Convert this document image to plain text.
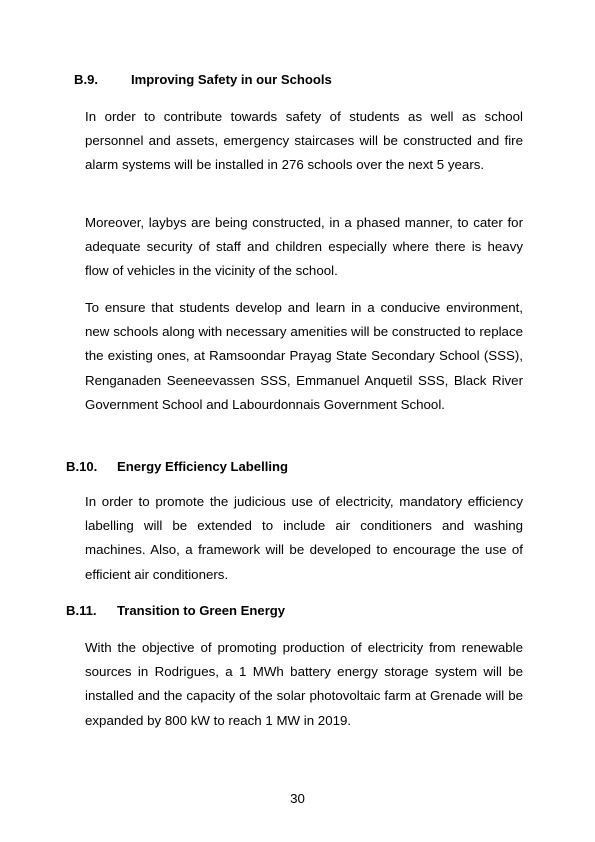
B.9.	Improving Safety in our Schools

In order to contribute towards safety of students as well as school personnel and assets, emergency staircases will be constructed and fire alarm systems will be installed in 276 schools over the next 5 years.

Moreover, laybys are being constructed, in a phased manner, to cater for adequate security of staff and children especially where there is heavy flow of vehicles in the vicinity of the school.

To ensure that students develop and learn in a conducive environment, new schools along with necessary amenities will be constructed to replace the existing ones, at Ramsoondar Prayag State Secondary School (SSS), Renganaden Seeneevassen SSS, Emmanuel Anquetil SSS, Black River Government School and Labourdonnais Government School.

B.10. Energy Efficiency Labelling

In order to promote the judicious use of electricity, mandatory efficiency labelling will be extended to include air conditioners and washing machines. Also, a framework will be developed to encourage the use of efficient air conditioners.

B.11. Transition to Green Energy

With the objective of promoting production of electricity from renewable sources in Rodrigues, a 1 MWh battery energy storage system will be installed and the capacity of the solar photovoltaic farm at Grenade will be expanded by 800 kW to reach 1 MW in 2019.

30
